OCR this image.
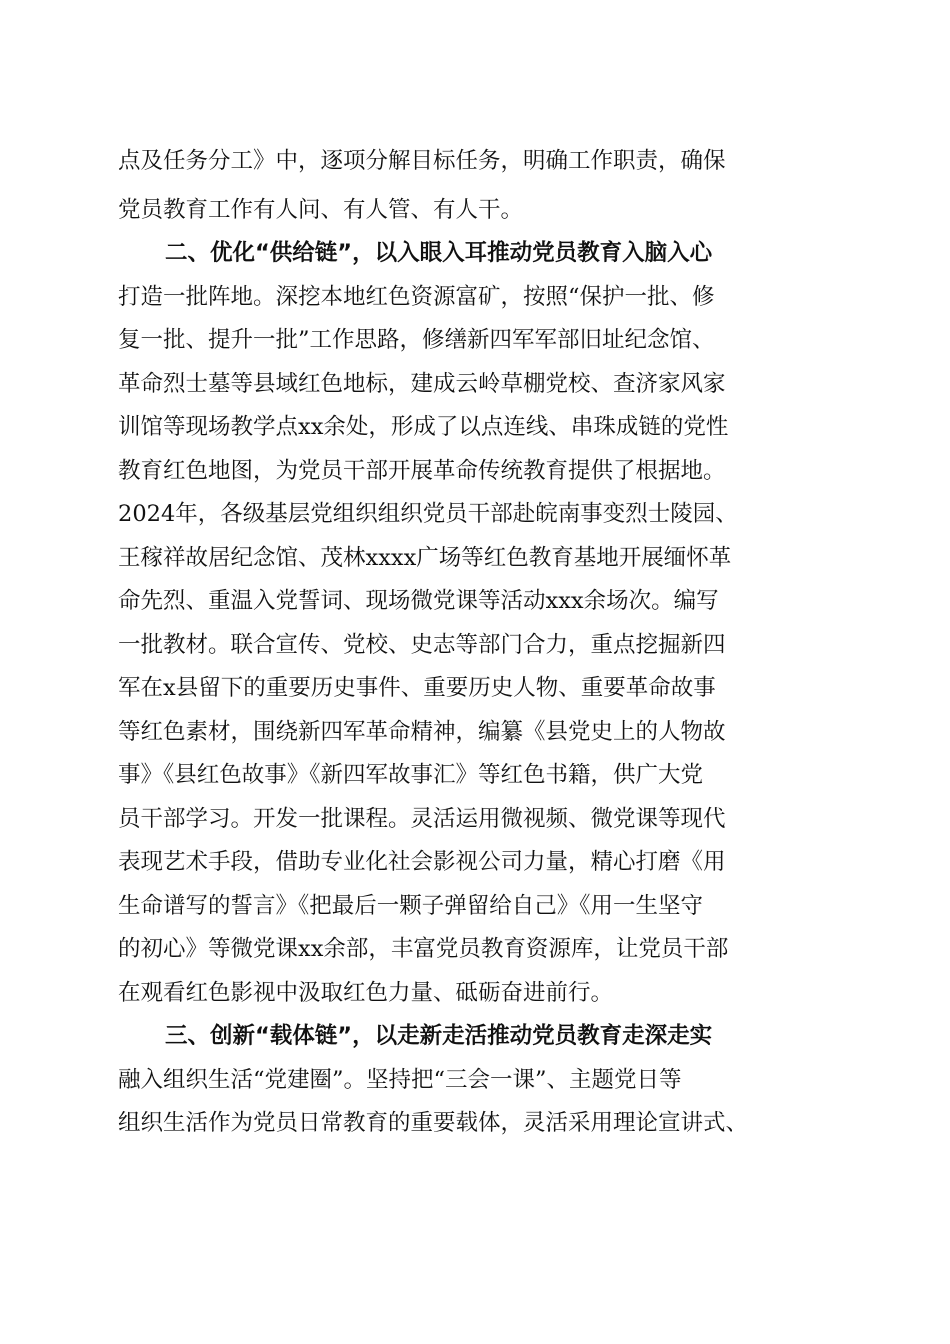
点及任务分工》中，逐项分解目标任务，明确工作职责，确保
党员教育工作有人问、有人管、有人干。
二、优化“供给链”，以入眼入耳推动党员教育入脑入心
打造一批阵地。深挖本地红色资源富矿，按照“保护一批、修
复一批、提升一批”工作思路，修缮新四军军部旧址纪念馆、
革命烈士墓等县域红色地标，建成云岭草棚党校、查济家风家
训馆等现场教学点xx余处，形成了以点连线、串珠成链的党性
教育红色地图，为党员干部开展革命传统教育提供了根据地。
2024年，各级基层党组织组织党员干部赴皖南事变烈士陵园、
王稼祥故居纪念馆、茂林xxxx广场等红色教育基地开展缅怀革
命先烈、重温入党誓词、现场微党课等活动xxx余场次。编写
一批教材。联合宣传、党校、史志等部门合力，重点挖掘新四
军在x县留下的重要历史事件、重要历史人物、重要革命故事
等红色素材，围绕新四军革命精神，编纂《县党史上的人物故
事》《县红色故事》《新四军故事汇》等红色书籍，供广大党
员干部学习。开发一批课程。灵活运用微视频、微党课等现代
表现艺术手段，借助专业化社会影视公司力量，精心打磨《用
生命谱写的誓言》《把最后一颗子弹留给自己》《用一生坚守
的初心》等微党课xx余部，丰富党员教育资源库，让党员干部
在观看红色影视中汲取红色力量、砥砺奋进前行。
三、创新“载体链”，以走新走活推动党员教育走深走实
融入组织生活“党建圈”。坚持把“三会一课”、主题党日等
组织生活作为党员日常教育的重要载体，灵活采用理论宣讲式、
